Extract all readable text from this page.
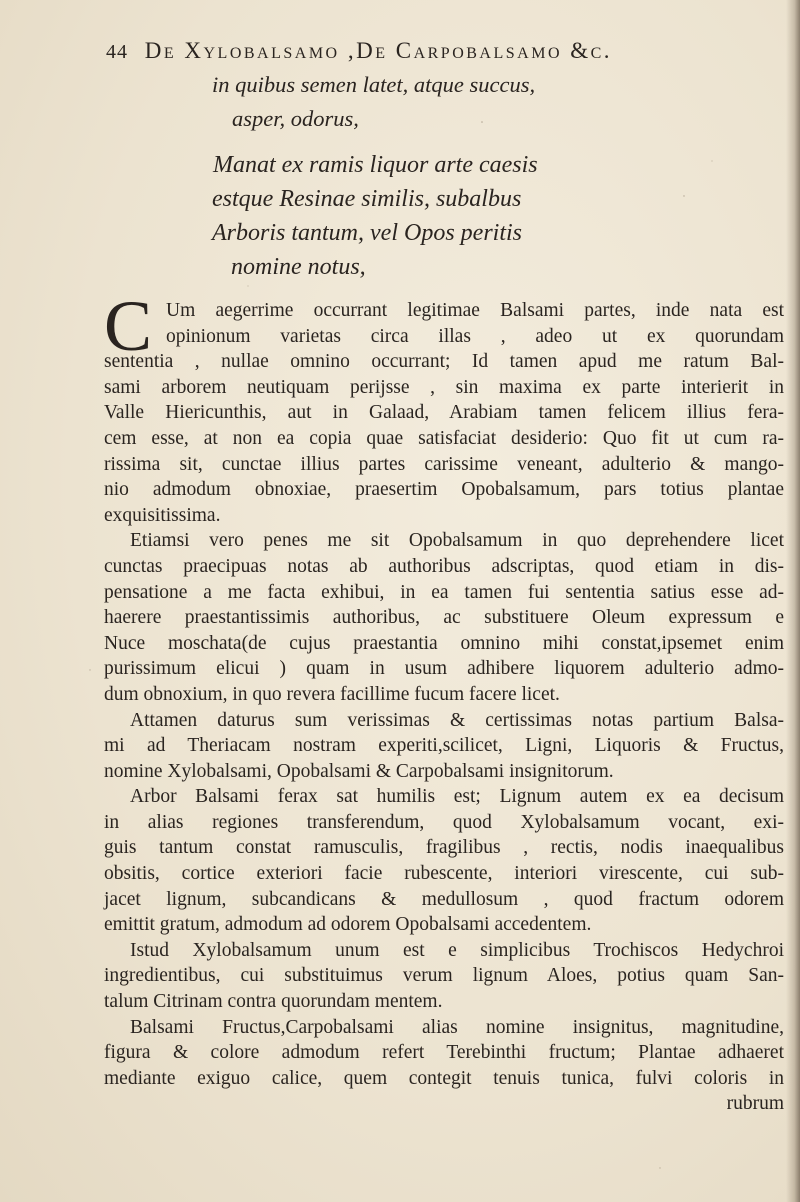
44 De Xylobalsamo ,De Carpobalsamo &c.
in quibus semen latet, atque succus,
asper, odorus,
Manat ex ramis liquor arte caesis
estque Resinae similis, subalbus
Arboris tantum, vel Opos peritis
nomine notus,
C Um aegerrime occurrant legitimae Balsami partes, inde nata est
opinionum varietas circa illas , adeo ut ex quorundam
sententia , nullae omnino occurrant; Id tamen apud me ratum Bal-
sami arborem neutiquam perijsse , sin maxima ex parte interierit in
Valle Hiericunthis, aut in Galaad, Arabiam tamen felicem illius fera-
cem esse, at non ea copia quae satisfaciat desiderio: Quo fit ut cum ra-
rissima sit, cunctae illius partes carissime veneant, adulterio & mango-
nio admodum obnoxiae, praesertim Opobalsamum, pars totius plantae
exquisitissima.
Etiamsi vero penes me sit Opobalsamum in quo deprehendere licet
cunctas praecipuas notas ab authoribus adscriptas, quod etiam in dis-
pensatione a me facta exhibui, in ea tamen fui sententia satius esse ad-
haerere praestantissimis authoribus, ac substituere Oleum expressum e
Nuce moschata(de cujus praestantia omnino mihi constat,ipsemet enim
purissimum elicui ) quam in usum adhibere liquorem adulterio admo-
dum obnoxium, in quo revera facillime fucum facere licet.
Attamen daturus sum verissimas & certissimas notas partium Balsa-
mi ad Theriacam nostram experiti,scilicet, Ligni, Liquoris & Fructus,
nomine Xylobalsami, Opobalsami & Carpobalsami insignitorum.
Arbor Balsami ferax sat humilis est; Lignum autem ex ea decisum
in alias regiones transferendum, quod Xylobalsamum vocant, exi-
guis tantum constat ramusculis, fragilibus , rectis, nodis inaequalibus
obsitis, cortice exteriori facie rubescente, interiori virescente, cui sub-
jacet lignum, subcandicans & medullosum , quod fractum odorem
emittit gratum, admodum ad odorem Opobalsami accedentem.
Istud Xylobalsamum unum est e simplicibus Trochiscos Hedychroi
ingredientibus, cui substituimus verum lignum Aloes, potius quam San-
talum Citrinam contra quorundam mentem.
Balsami Fructus,Carpobalsami alias nomine insignitus, magnitudine,
figura & colore admodum refert Terebinthi fructum; Plantae adhaeret
mediante exiguo calice, quem contegit tenuis tunica, fulvi coloris in
rubrum
